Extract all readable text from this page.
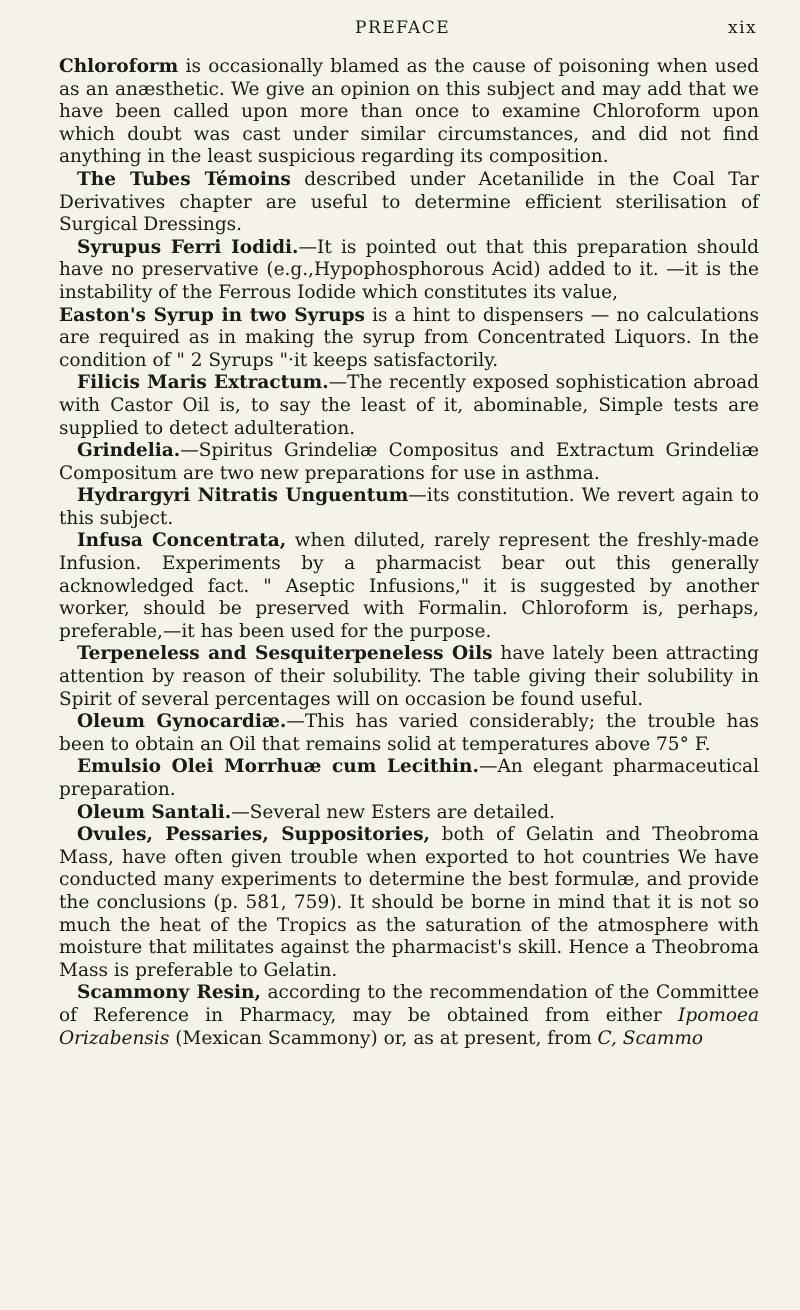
PREFACE	xix

Chloroform is occasionally blamed as the cause of poisoning when used as an anæsthetic. We give an opinion on this subject and may add that we have been called upon more than once to examine Chloroform upon which doubt was cast under similar circumstances, and did not find anything in the least suspicious regarding its composition.

The Tubes Témoins described under Acetanilide in the Coal Tar Derivatives chapter are useful to determine efficient sterilisation of Surgical Dressings.

Syrupus Ferri Iodidi.—It is pointed out that this preparation should have no preservative (e.g.,Hypophosphorous Acid) added to it. —it is the instability of the Ferrous Iodide which constitutes its value,

Easton's Syrup in two Syrups is a hint to dispensers — no calculations are required as in making the syrup from Concentrated Liquors. In the condition of " 2 Syrups "·it keeps satisfactorily.

Filicis Maris Extractum.—The recently exposed sophistication abroad with Castor Oil is, to say the least of it, abominable, Simple tests are supplied to detect adulteration.

Grindelia.—Spiritus Grindeliæ Compositus and Extractum Grindeliæ Compositum are two new preparations for use in asthma.

Hydrargyri Nitratis Unguentum—its constitution. We revert again to this subject.

Infusa Concentrata, when diluted, rarely represent the freshly-made Infusion. Experiments by a pharmacist bear out this generally acknowledged fact. " Aseptic Infusions," it is suggested by another worker, should be preserved with Formalin. Chloroform is, perhaps, preferable,—it has been used for the purpose.

Terpeneless and Sesquiterpeneless Oils have lately been attracting attention by reason of their solubility. The table giving their solubility in Spirit of several percentages will on occasion be found useful.

Oleum Gynocardiæ.—This has varied considerably; the trouble has been to obtain an Oil that remains solid at temperatures above 75° F.

Emulsio Olei Morrhuæ cum Lecithin.—An elegant pharmaceutical preparation.

Oleum Santali.—Several new Esters are detailed.

Ovules, Pessaries, Suppositories, both of Gelatin and Theobroma Mass, have often given trouble when exported to hot countries We have conducted many experiments to determine the best formulæ, and provide the conclusions (p. 581, 759). It should be borne in mind that it is not so much the heat of the Tropics as the saturation of the atmosphere with moisture that militates against the pharmacist's skill. Hence a Theobroma Mass is preferable to Gelatin.

Scammony Resin, according to the recommendation of the Committee of Reference in Pharmacy, may be obtained from either Ipomoea Orizabensis (Mexican Scammony) or, as at present, from C, Scammo
